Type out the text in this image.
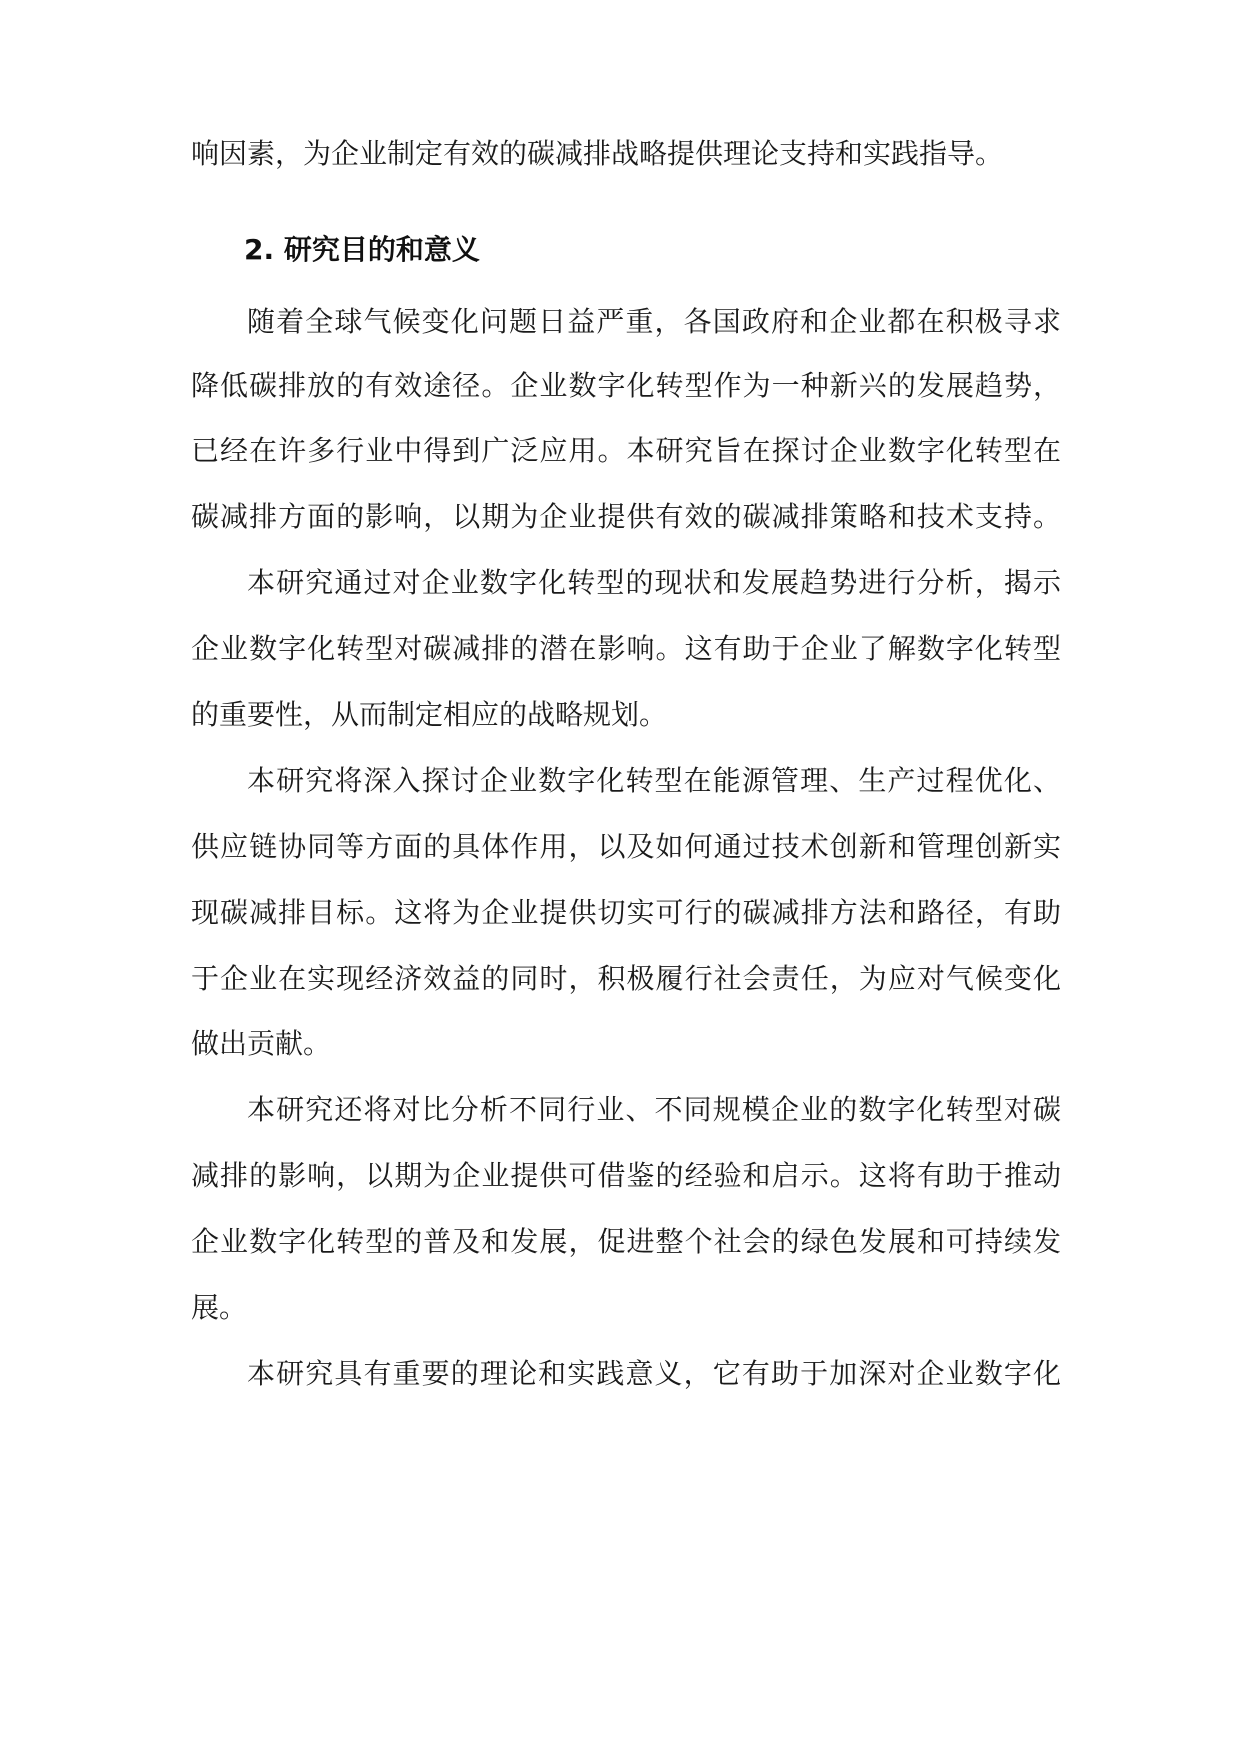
响因素，为企业制定有效的碳减排战略提供理论支持和实践指导。
2. 研究目的和意义
随着全球气候变化问题日益严重，各国政府和企业都在积极寻求
降低碳排放的有效途径。企业数字化转型作为一种新兴的发展趋势，
已经在许多行业中得到广泛应用。本研究旨在探讨企业数字化转型在
碳减排方面的影响，以期为企业提供有效的碳减排策略和技术支持。
本研究通过对企业数字化转型的现状和发展趋势进行分析，揭示
企业数字化转型对碳减排的潜在影响。这有助于企业了解数字化转型
的重要性，从而制定相应的战略规划。
本研究将深入探讨企业数字化转型在能源管理、生产过程优化、
供应链协同等方面的具体作用，以及如何通过技术创新和管理创新实
现碳减排目标。这将为企业提供切实可行的碳减排方法和路径，有助
于企业在实现经济效益的同时，积极履行社会责任，为应对气候变化
做出贡献。
本研究还将对比分析不同行业、不同规模企业的数字化转型对碳
减排的影响，以期为企业提供可借鉴的经验和启示。这将有助于推动
企业数字化转型的普及和发展，促进整个社会的绿色发展和可持续发
展。
本研究具有重要的理论和实践意义，它有助于加深对企业数字化
